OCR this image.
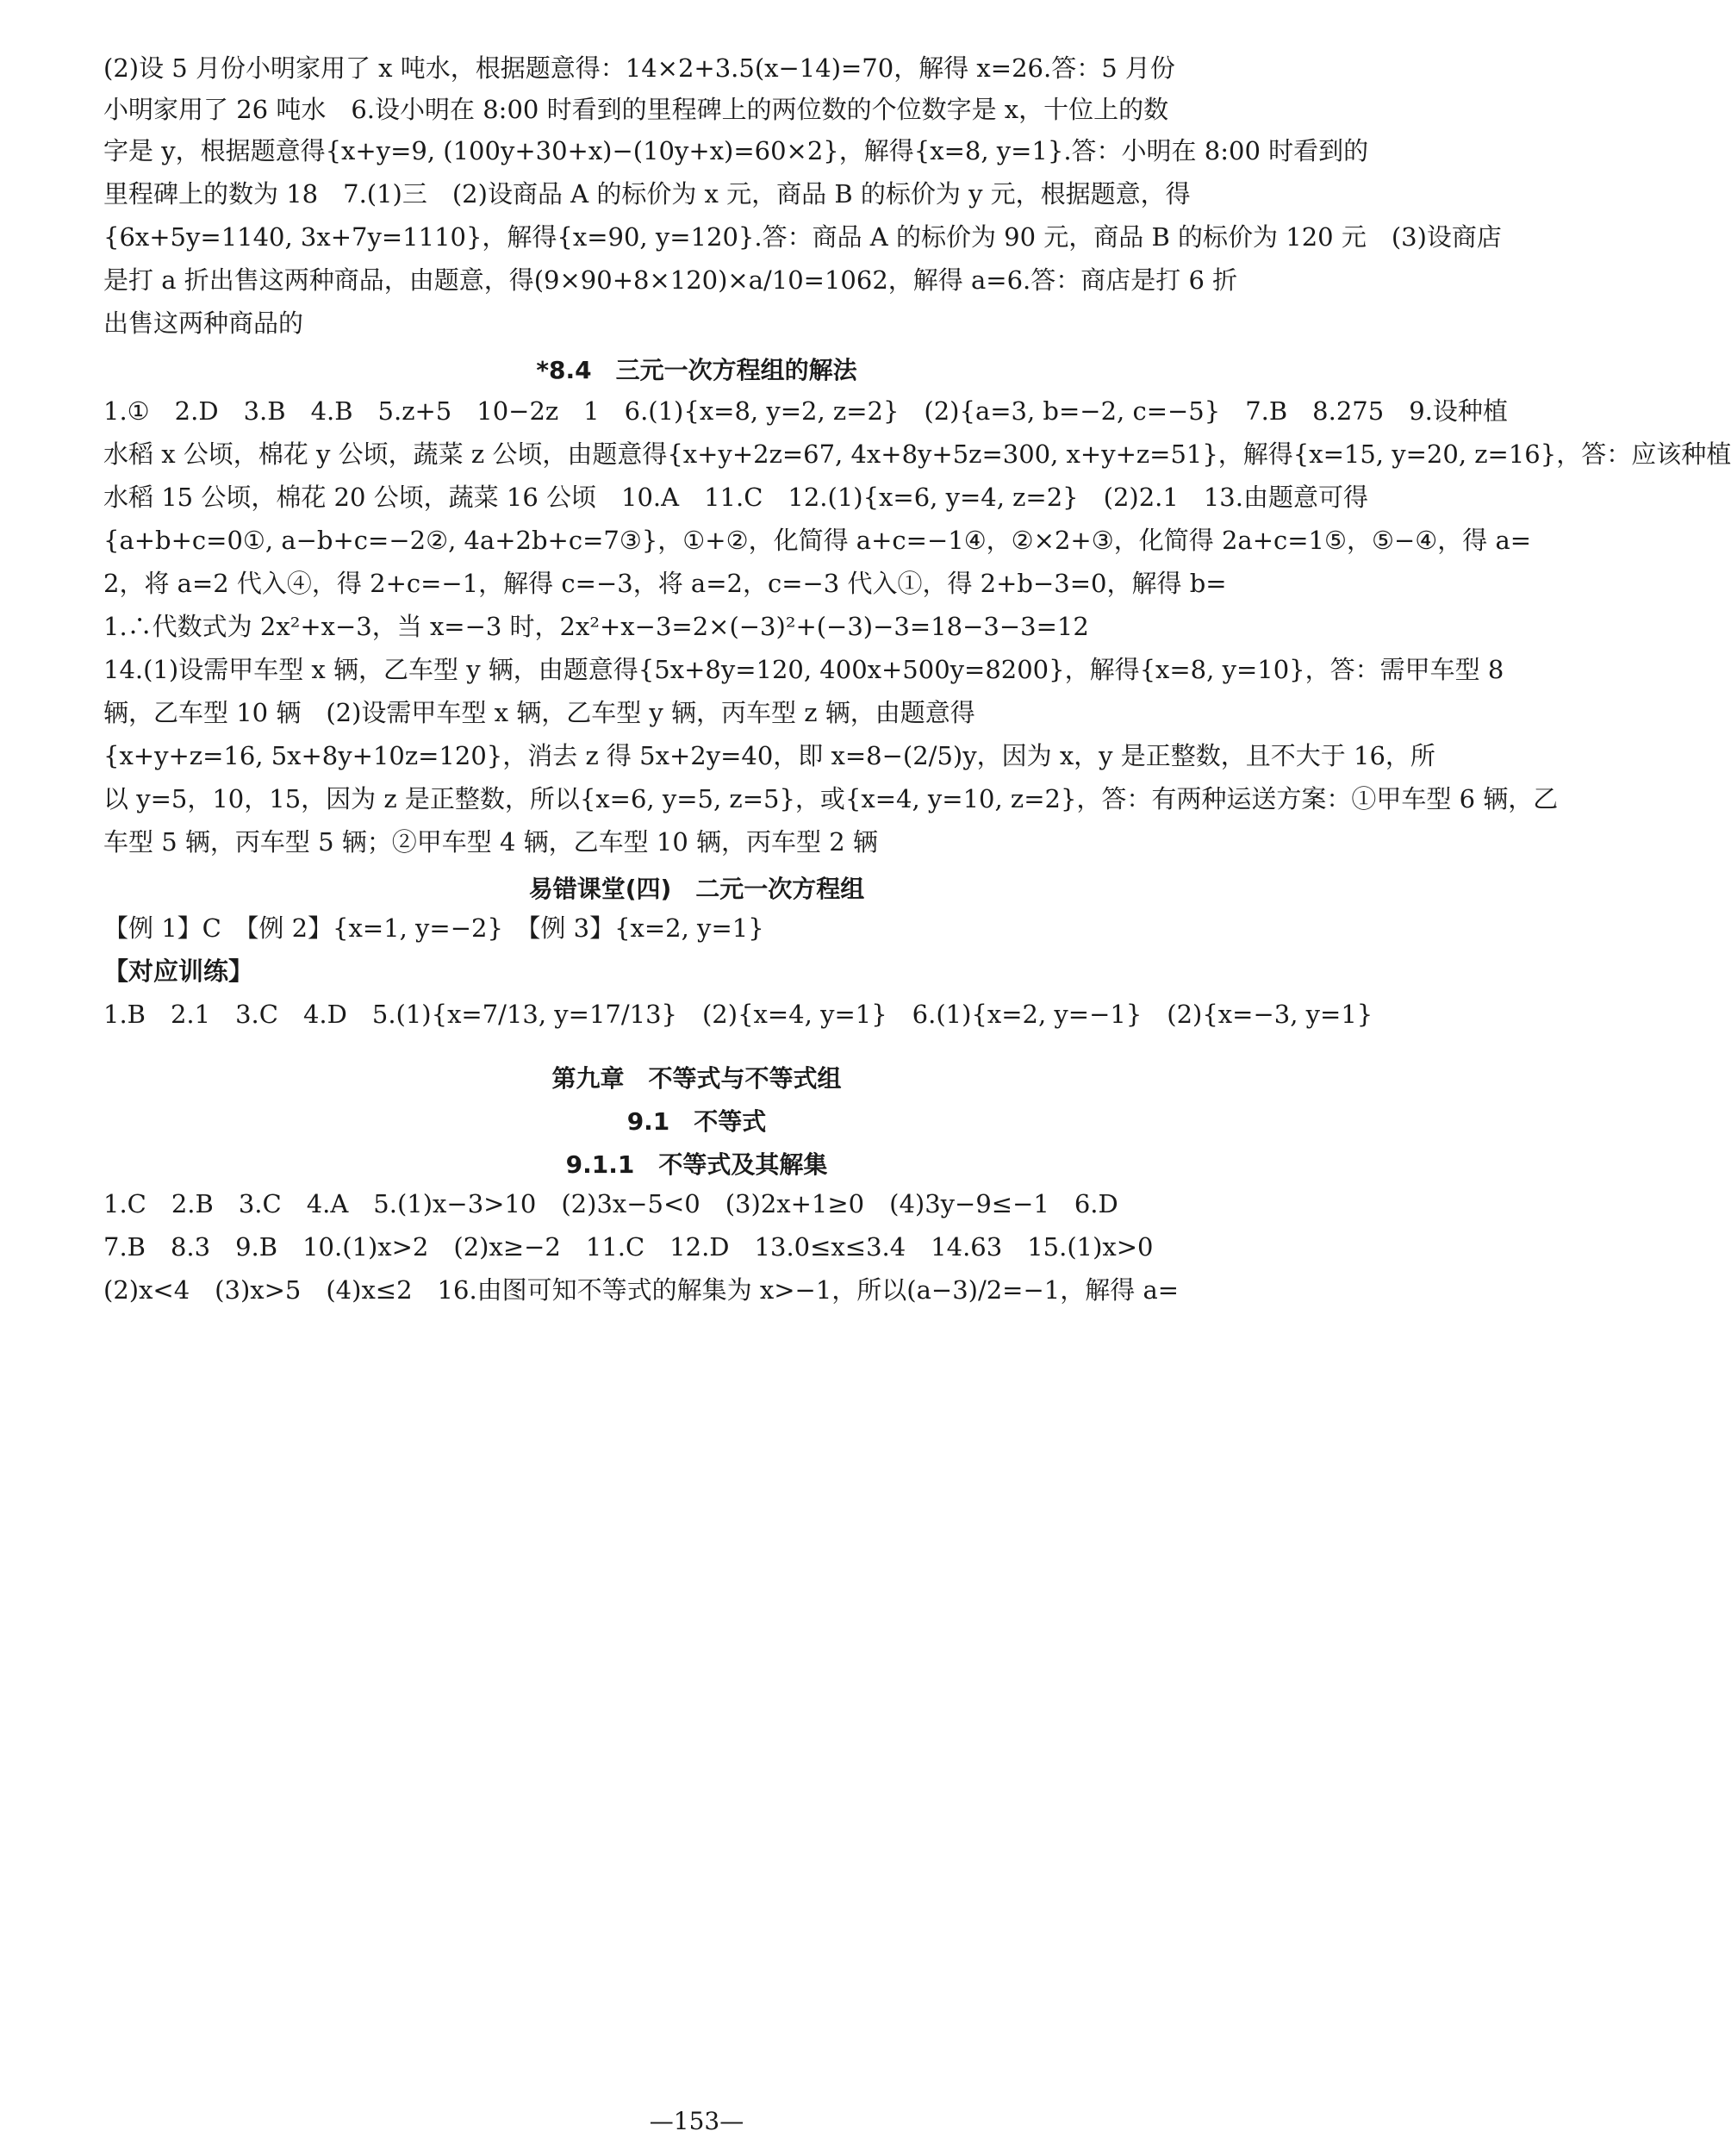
(2)设 5 月份小明家用了 x 吨水，根据题意得：14×2+3.5(x−14)=70，解得 x=26.答：5 月份
小明家用了 26 吨水　6.设小明在 8:00 时看到的里程碑上的两位数的个位数字是 x，十位上的数
字是 y，根据题意得{x+y=9, (100y+30+x)−(10y+x)=60×2}，解得{x=8, y=1}.答：小明在 8:00 时看到的
里程碑上的数为 18　7.(1)三　(2)设商品 A 的标价为 x 元，商品 B 的标价为 y 元，根据题意，得
{6x+5y=1140, 3x+7y=1110}，解得{x=90, y=120}.答：商品 A 的标价为 90 元，商品 B 的标价为 120 元　(3)设商店
是打 a 折出售这两种商品，由题意，得(9×90+8×120)×a/10=1062，解得 a=6.答：商店是打 6 折
出售这两种商品的
*8.4　三元一次方程组的解法
1.①　2.D　3.B　4.B　5.z+5　10−2z　1　6.(1){x=8, y=2, z=2}　(2){a=3, b=−2, c=−5}　7.B　8.275　9.设种植
水稻 x 公顷，棉花 y 公顷，蔬菜 z 公顷，由题意得{x+y+2z=67, 4x+8y+5z=300, x+y+z=51}，解得{x=15, y=20, z=16}，答：应该种植
水稻 15 公顷，棉花 20 公顷，蔬菜 16 公顷　10.A　11.C　12.(1){x=6, y=4, z=2}　(2)2.1　13.由题意可得
{a+b+c=0①, a−b+c=−2②, 4a+2b+c=7③}，①+②，化简得 a+c=−1④，②×2+③，化简得 2a+c=1⑤，⑤−④，得 a=
2，将 a=2 代入④，得 2+c=−1，解得 c=−3，将 a=2，c=−3 代入①，得 2+b−3=0，解得 b=
1.∴代数式为 2x²+x−3，当 x=−3 时，2x²+x−3=2×(−3)²+(−3)−3=18−3−3=12
14.(1)设需甲车型 x 辆，乙车型 y 辆，由题意得{5x+8y=120, 400x+500y=8200}，解得{x=8, y=10}，答：需甲车型 8
辆，乙车型 10 辆　(2)设需甲车型 x 辆，乙车型 y 辆，丙车型 z 辆，由题意得
{x+y+z=16, 5x+8y+10z=120}，消去 z 得 5x+2y=40，即 x=8−(2/5)y，因为 x，y 是正整数，且不大于 16，所
以 y=5，10，15，因为 z 是正整数，所以{x=6, y=5, z=5}，或{x=4, y=10, z=2}，答：有两种运送方案：①甲车型 6 辆，乙
车型 5 辆，丙车型 5 辆；②甲车型 4 辆，乙车型 10 辆，丙车型 2 辆
易错课堂(四)　二元一次方程组
【例 1】C　【例 2】{x=1, y=−2}　【例 3】{x=2, y=1}
【对应训练】
1.B　2.1　3.C　4.D　5.(1){x=7/13, y=17/13}　(2){x=4, y=1}　6.(1){x=2, y=−1}　(2){x=−3, y=1}
第九章　不等式与不等式组
9.1　不等式
9.1.1　不等式及其解集
1.C　2.B　3.C　4.A　5.(1)x−3>10　(2)3x−5<0　(3)2x+1≥0　(4)3y−9≤−1　6.D
7.B　8.3　9.B　10.(1)x>2　(2)x≥−2　11.C　12.D　13.0≤x≤3.4　14.63　15.(1)x>0
(2)x<4　(3)x>5　(4)x≤2　16.由图可知不等式的解集为 x>−1，所以(a−3)/2=−1，解得 a=
—153—
